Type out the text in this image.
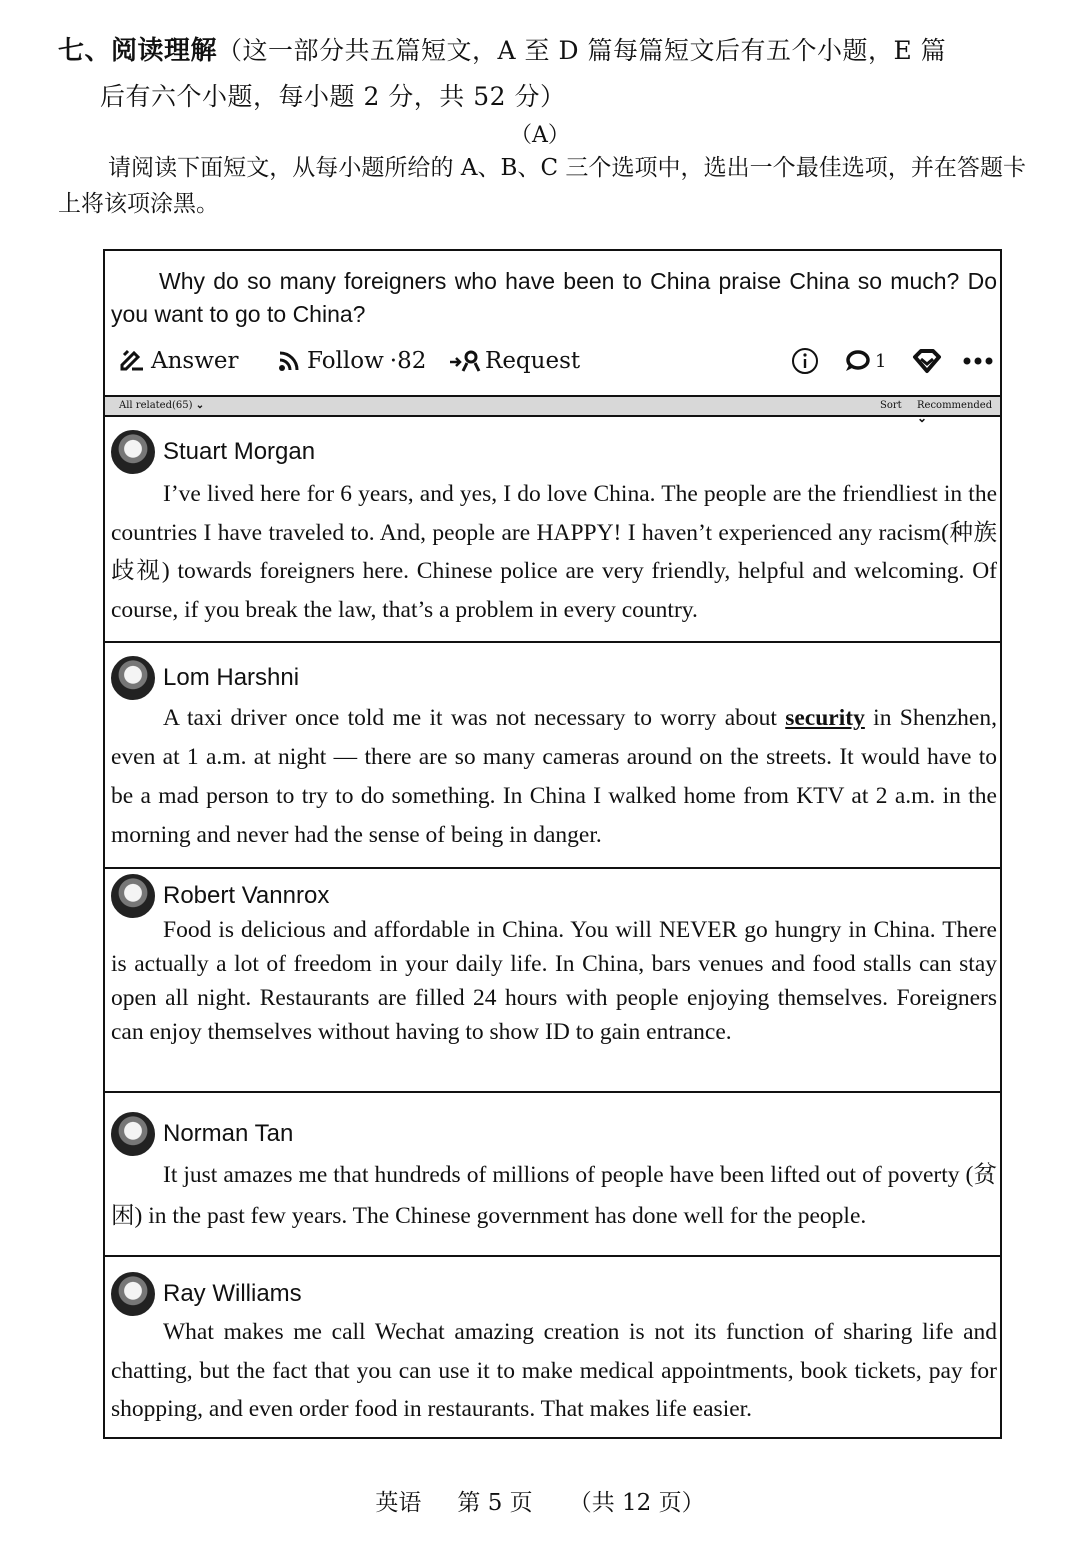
七、阅读理解（这一部分共五篇短文，A 至 D 篇每篇短文后有五个小题，E 篇
后有六个小题，每小题 2 分，共 52 分）
（A）
请阅读下面短文，从每小题所给的 A、B、C 三个选项中，选出一个最佳选项，并在答题卡上将该项涂黑。
Why do so many foreigners who have been to China praise China so much? Do you want to go to China?
Answer	Follow ·82	Request	1
All related(65) ⌄	Sort Recommended ⌄
Stuart Morgan
I’ve lived here for 6 years, and yes, I do love China. The people are the friendliest in the countries I have traveled to. And, people are HAPPY! I haven’t experienced any racism(种族歧视) towards foreigners here. Chinese police are very friendly, helpful and welcoming. Of course, if you break the law, that’s a problem in every country.
Lom Harshni
A taxi driver once told me it was not necessary to worry about security in Shenzhen, even at 1 a.m. at night — there are so many cameras around on the streets. It would have to be a mad person to try to do something. In China I walked home from KTV at 2 a.m. in the morning and never had the sense of being in danger.
Robert Vannrox
Food is delicious and affordable in China. You will NEVER go hungry in China. There is actually a lot of freedom in your daily life. In China, bars venues and food stalls can stay open all night. Restaurants are filled 24 hours with people enjoying themselves. Foreigners can enjoy themselves without having to show ID to gain entrance.
Norman Tan
It just amazes me that hundreds of millions of people have been lifted out of poverty (贫困) in the past few years. The Chinese government has done well for the people.
Ray Williams
What makes me call Wechat amazing creation is not its function of sharing life and chatting, but the fact that you can use it to make medical appointments, book tickets, pay for shopping, and even order food in restaurants. That makes life easier.
英语 第 5 页 （共 12 页）
